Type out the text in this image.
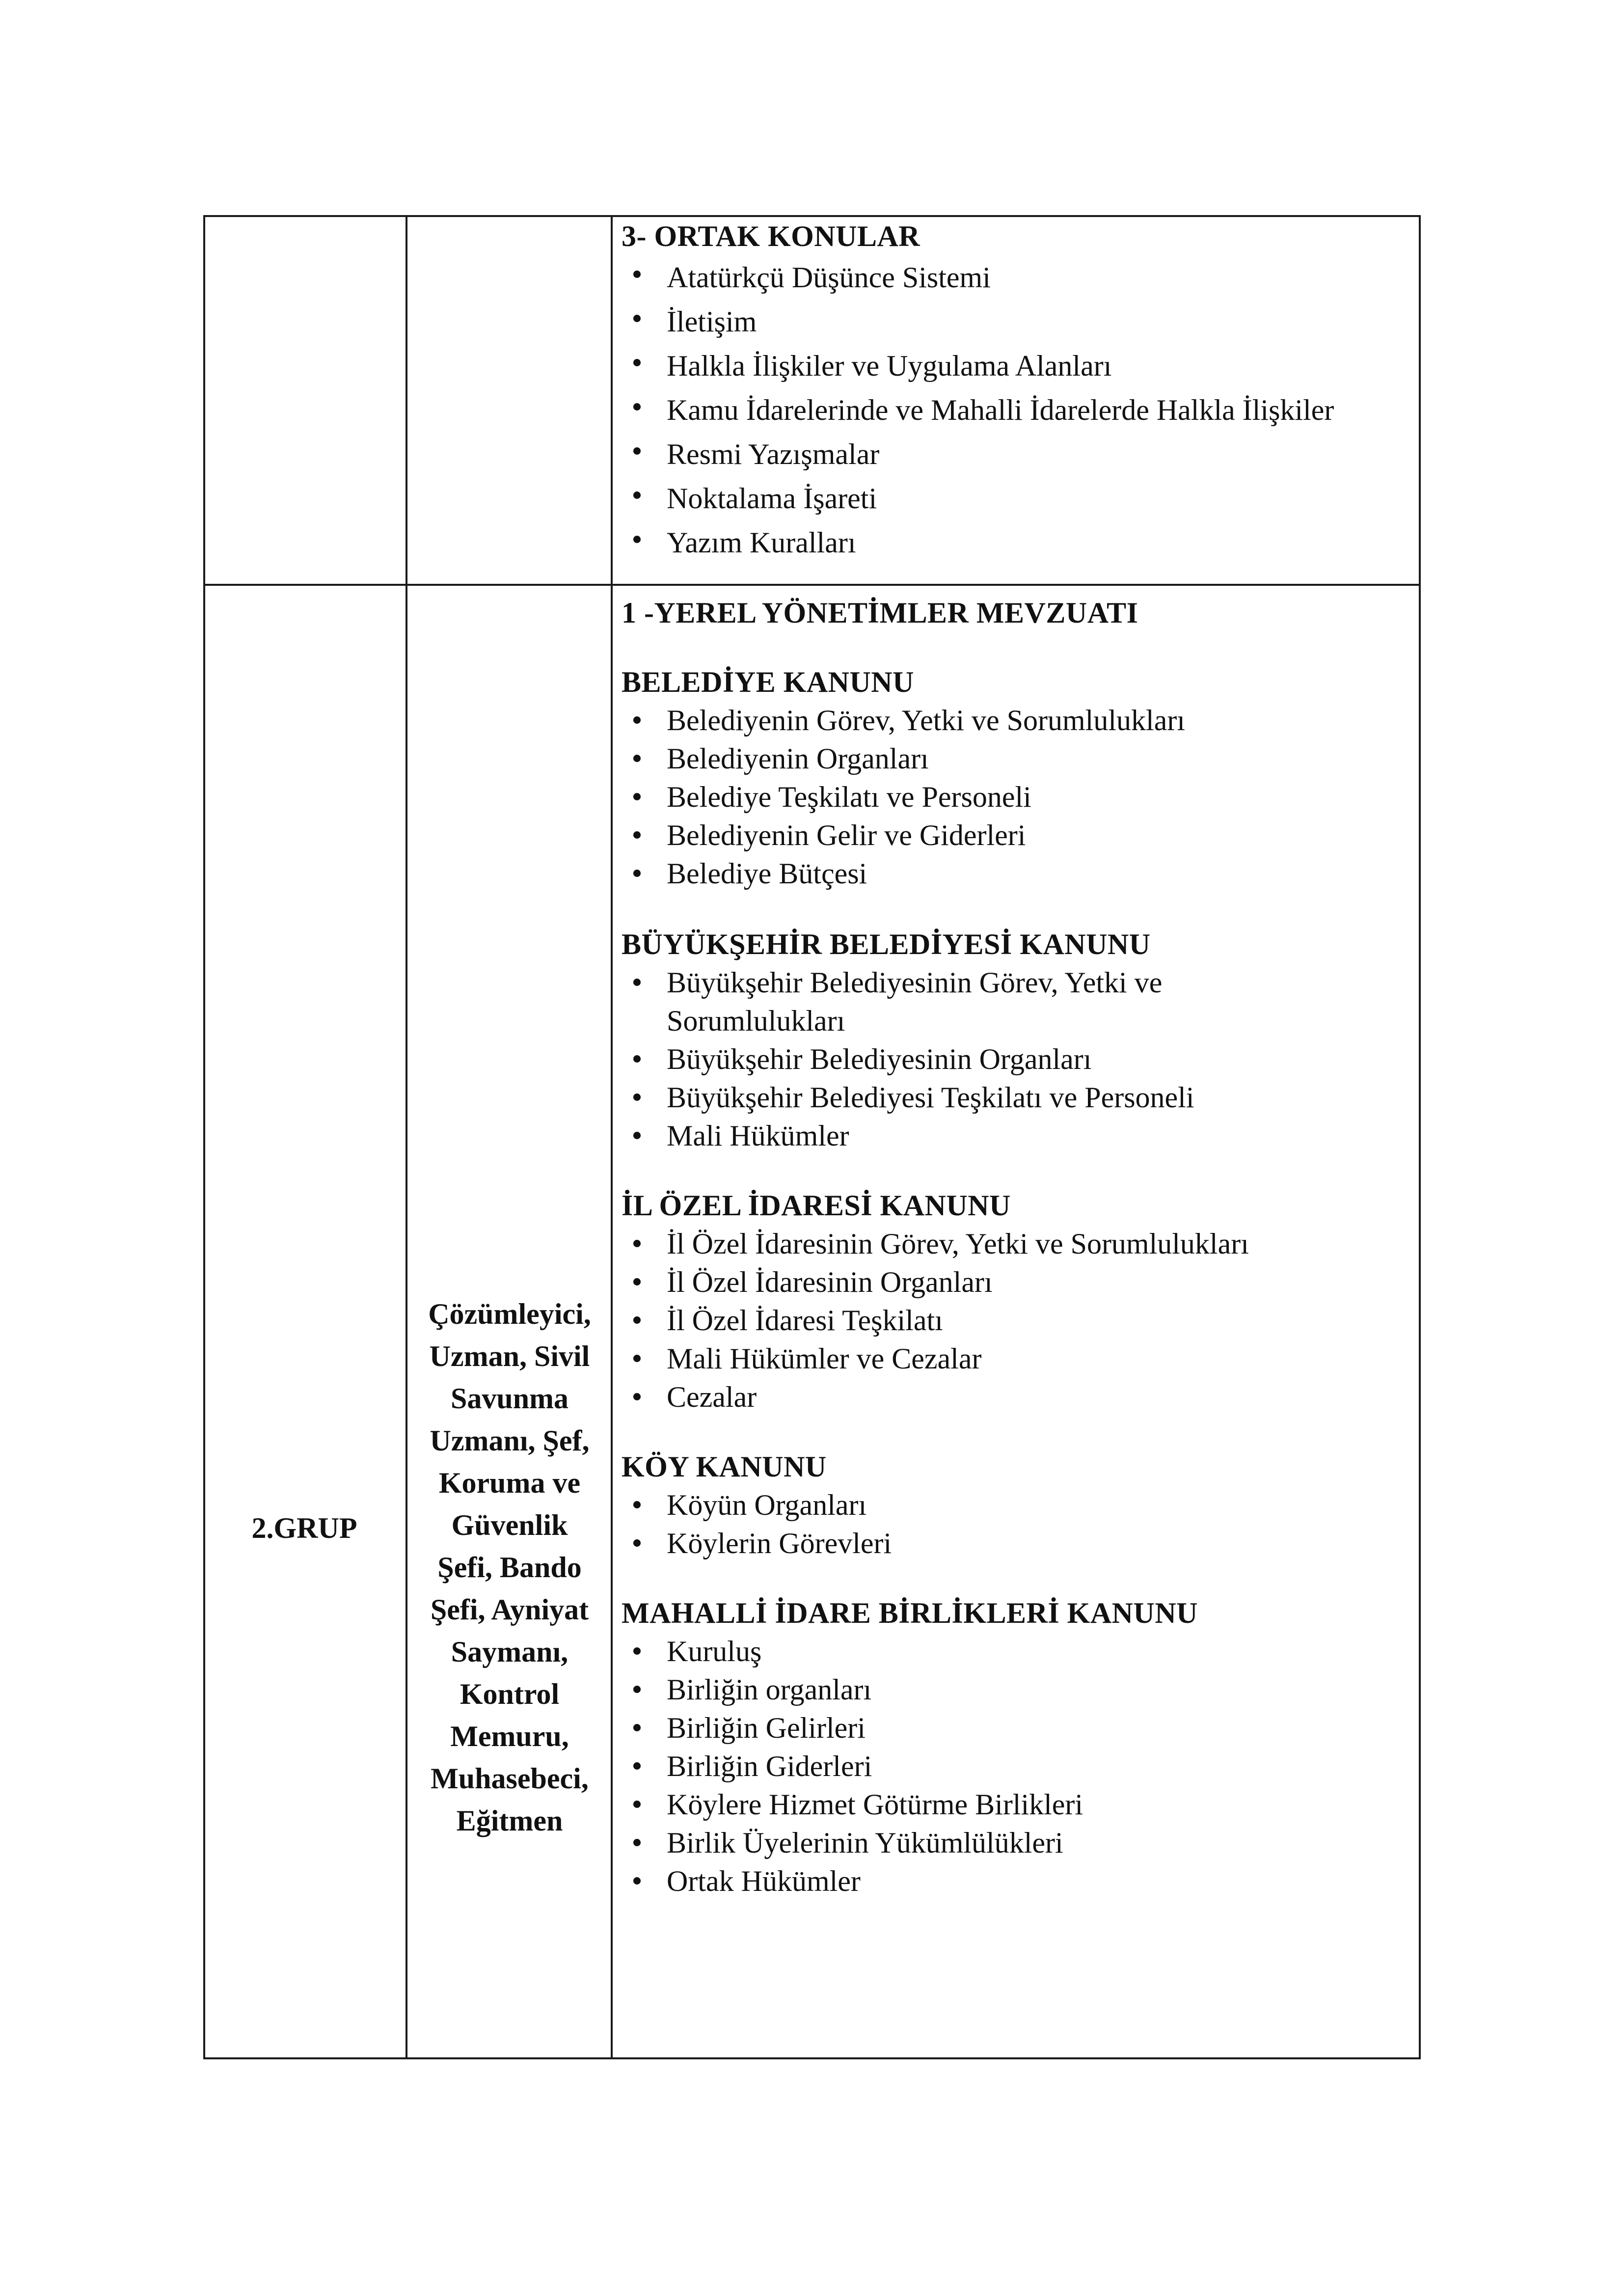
3- ORTAK KONULAR
Atatürkçü Düşünce Sistemi
İletişim
Halkla İlişkiler ve Uygulama Alanları
Kamu İdarelerinde ve Mahalli İdarelerde Halkla İlişkiler
Resmi Yazışmalar
Noktalama İşareti
Yazım Kuralları
2.GRUP
Çözümleyici,
Uzman, Sivil
Savunma
Uzmanı, Şef,
Koruma ve
Güvenlik
Şefi, Bando
Şefi, Ayniyat
Saymanı,
Kontrol
Memuru,
Muhasebeci,
Eğitmen
1 -YEREL YÖNETİMLER MEVZUATI
BELEDİYE KANUNU
Belediyenin Görev, Yetki ve Sorumlulukları
Belediyenin Organları
Belediye Teşkilatı ve Personeli
Belediyenin Gelir ve Giderleri
Belediye Bütçesi
BÜYÜKŞEHİR BELEDİYESİ KANUNU
Büyükşehir Belediyesinin Görev, Yetki ve Sorumlulukları
Büyükşehir Belediyesinin Organları
Büyükşehir Belediyesi Teşkilatı ve Personeli
Mali Hükümler
İL ÖZEL İDARESİ KANUNU
İl Özel İdaresinin Görev, Yetki ve Sorumlulukları
İl Özel İdaresinin Organları
İl Özel İdaresi Teşkilatı
Mali Hükümler ve Cezalar
Cezalar
KÖY KANUNU
Köyün Organları
Köylerin Görevleri
MAHALLİ İDARE BİRLİKLERİ KANUNU
Kuruluş
Birliğin organları
Birliğin Gelirleri
Birliğin Giderleri
Köylere Hizmet Götürme Birlikleri
Birlik Üyelerinin Yükümlülükleri
Ortak Hükümler
